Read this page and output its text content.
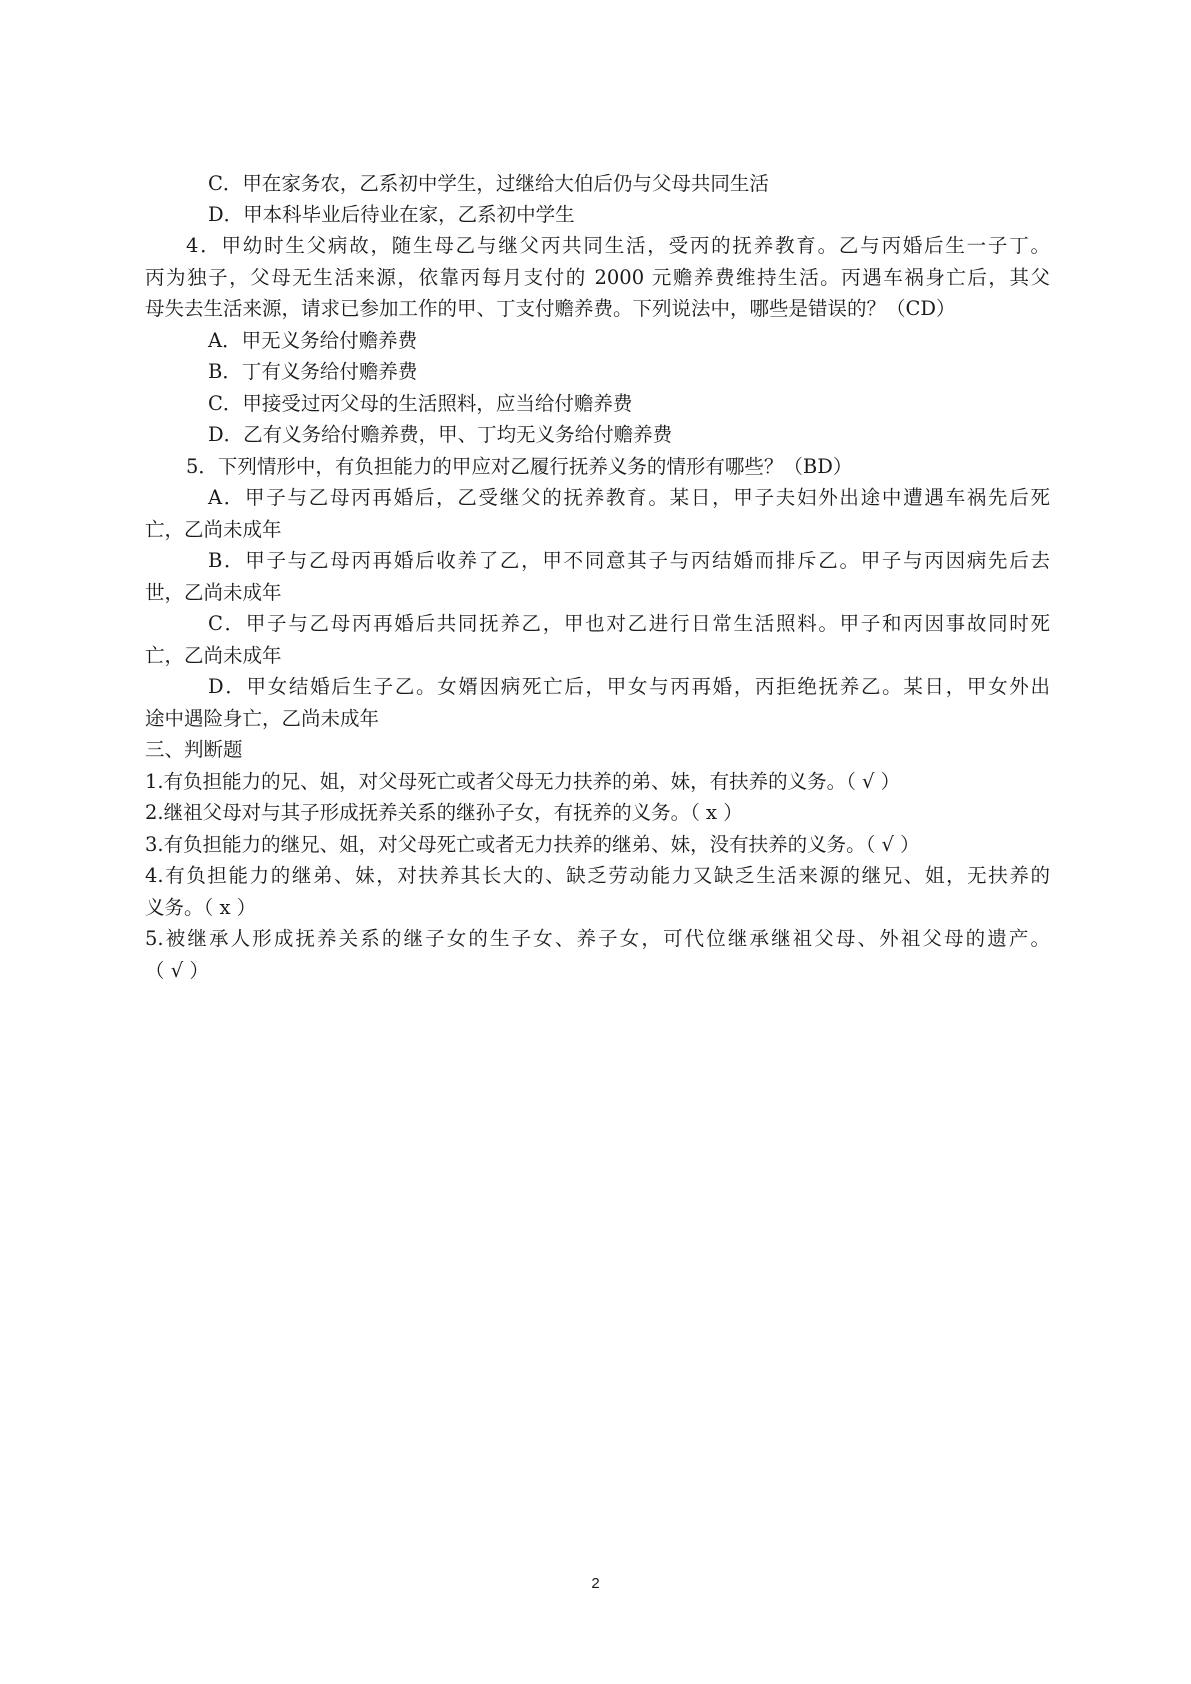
C．甲在家务农，乙系初中学生，过继给大伯后仍与父母共同生活
D．甲本科毕业后待业在家，乙系初中学生
4．甲幼时生父病故，随生母乙与继父丙共同生活，受丙的抚养教育。乙与丙婚后生一子丁。
丙为独子，父母无生活来源，依靠丙每月支付的 2000 元赡养费维持生活。丙遇车祸身亡后，其父
母失去生活来源，请求已参加工作的甲、丁支付赡养费。下列说法中，哪些是错误的？（CD）
A．甲无义务给付赡养费
B．丁有义务给付赡养费
C．甲接受过丙父母的生活照料，应当给付赡养费
D．乙有义务给付赡养费，甲、丁均无义务给付赡养费
5．下列情形中，有负担能力的甲应对乙履行抚养义务的情形有哪些？（BD）
A．甲子与乙母丙再婚后，乙受继父的抚养教育。某日，甲子夫妇外出途中遭遇车祸先后死
亡，乙尚未成年
B．甲子与乙母丙再婚后收养了乙，甲不同意其子与丙结婚而排斥乙。甲子与丙因病先后去
世，乙尚未成年
C．甲子与乙母丙再婚后共同抚养乙，甲也对乙进行日常生活照料。甲子和丙因事故同时死
亡，乙尚未成年
D．甲女结婚后生子乙。女婿因病死亡后，甲女与丙再婚，丙拒绝抚养乙。某日，甲女外出
途中遇险身亡，乙尚未成年
三、判断题
1.有负担能力的兄、姐，对父母死亡或者父母无力扶养的弟、妹，有扶养的义务。（ √ ）
2.继祖父母对与其子形成抚养关系的继孙子女，有抚养的义务。（ x ）
3.有负担能力的继兄、姐，对父母死亡或者无力扶养的继弟、妹，没有扶养的义务。（ √ ）
4.有负担能力的继弟、妹，对扶养其长大的、缺乏劳动能力又缺乏生活来源的继兄、姐，无扶养的
义务。（ x ）
5.被继承人形成抚养关系的继子女的生子女、养子女，可代位继承继祖父母、外祖父母的遗产。
（ √ ）
2
